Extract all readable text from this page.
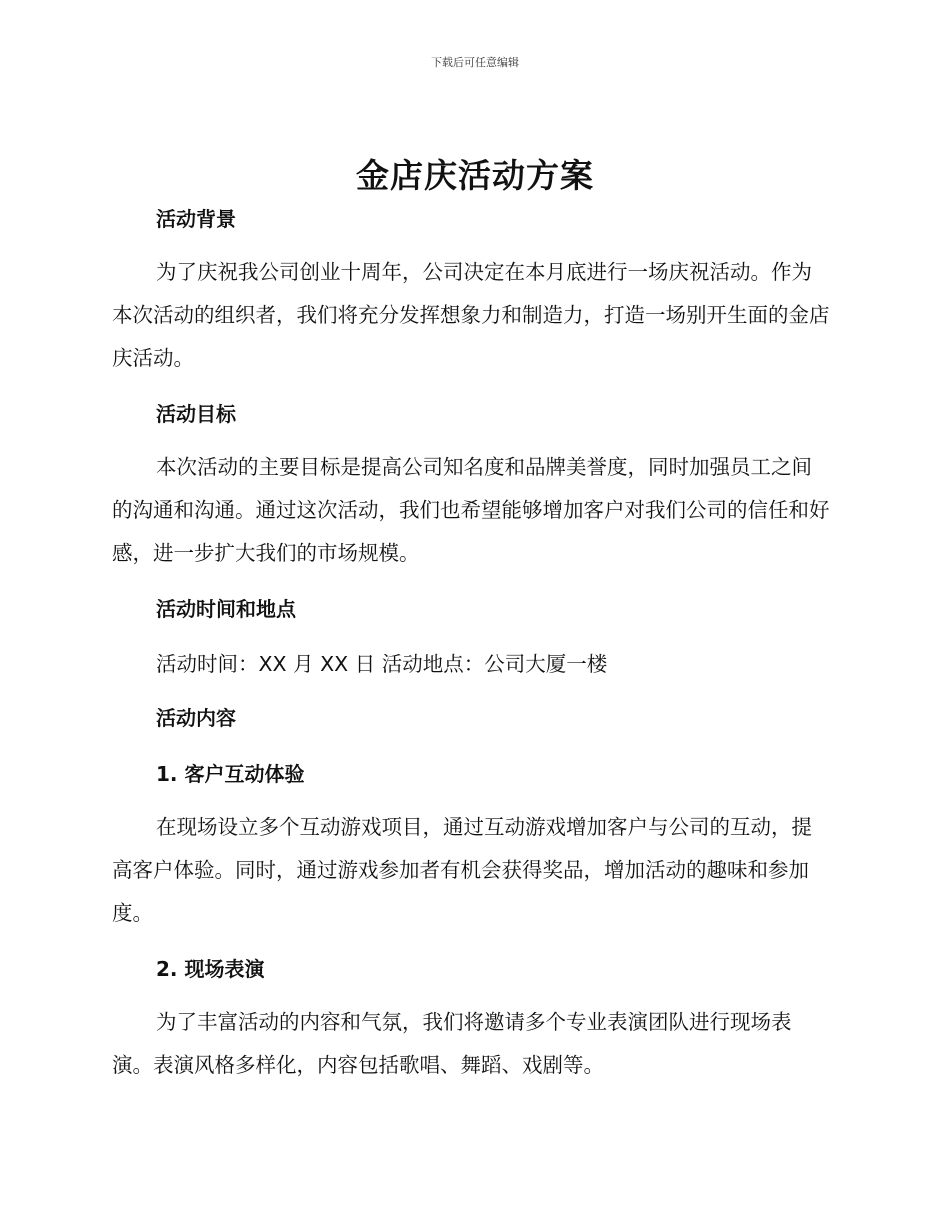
下载后可任意编辑
金店庆活动方案
活动背景
为了庆祝我公司创业十周年，公司决定在本月底进行一场庆祝活动。作为本次活动的组织者，我们将充分发挥想象力和制造力，打造一场别开生面的金店庆活动。
活动目标
本次活动的主要目标是提高公司知名度和品牌美誉度，同时加强员工之间的沟通和沟通。通过这次活动，我们也希望能够增加客户对我们公司的信任和好感，进一步扩大我们的市场规模。
活动时间和地点
活动时间：XX 月 XX 日 活动地点：公司大厦一楼
活动内容
1. 客户互动体验
在现场设立多个互动游戏项目，通过互动游戏增加客户与公司的互动，提高客户体验。同时，通过游戏参加者有机会获得奖品，增加活动的趣味和参加度。
2. 现场表演
为了丰富活动的内容和气氛，我们将邀请多个专业表演团队进行现场表演。表演风格多样化，内容包括歌唱、舞蹈、戏剧等。
